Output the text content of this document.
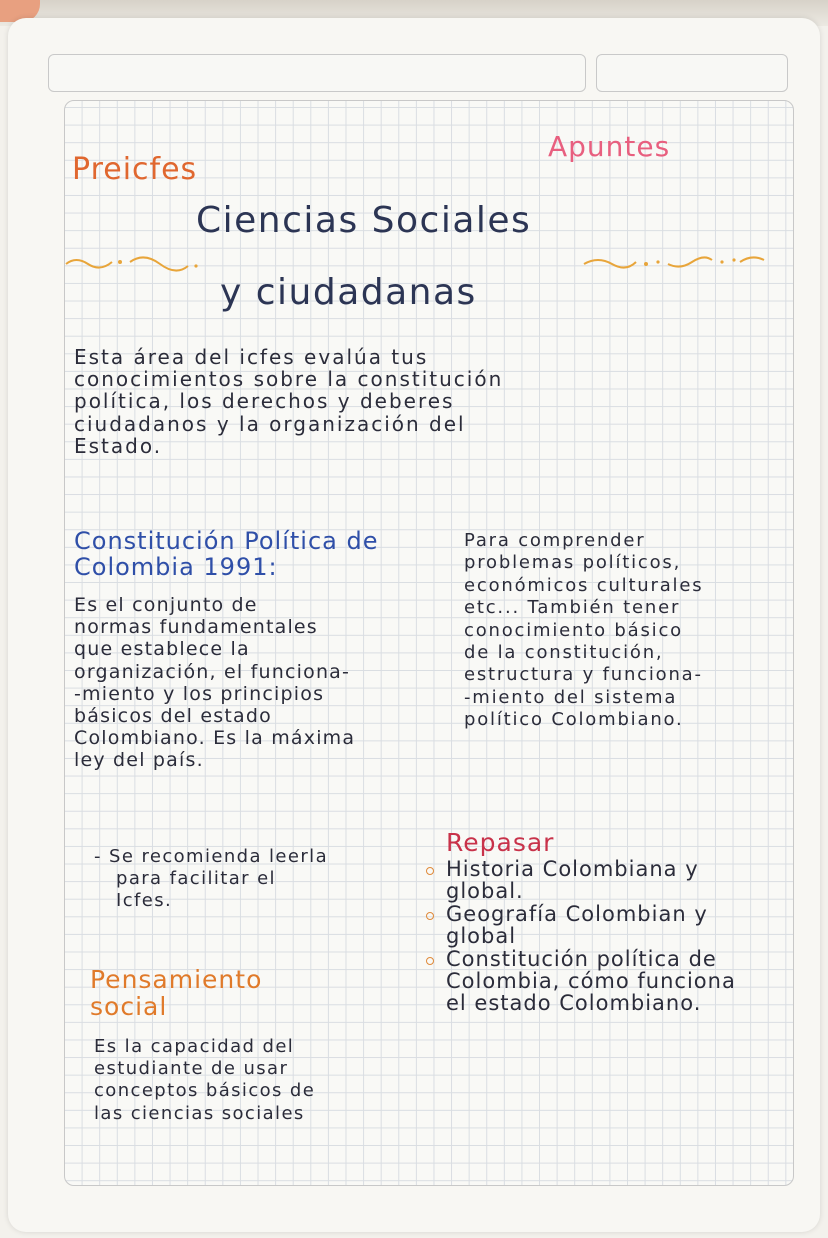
Preicfes
Apuntes
Ciencias Sociales
y ciudadanas
Esta área del icfes evalúa tus
conocimientos sobre la constitución
política, los derechos y deberes
ciudadanos y la organización del
Estado.
Constitución Política de
Colombia 1991:
Es el conjunto de
normas fundamentales
que establece la
organización, el funciona-
-miento y los principios
básicos del estado
Colombiano. Es la máxima
ley del país.
- Se recomienda leerla
para facilitar el
Icfes.
Para comprender
problemas políticos,
económicos culturales
etc... También tener
conocimiento básico
de la constitución,
estructura y funciona-
-miento del sistema
político Colombiano.
Pensamiento
social
Es la capacidad del
estudiante de usar
conceptos básicos de
las ciencias sociales
Repasar
Historia Colombiana y
global.
Geografía Colombian y
global
Constitución política de
Colombia, cómo funciona
el estado Colombiano.
